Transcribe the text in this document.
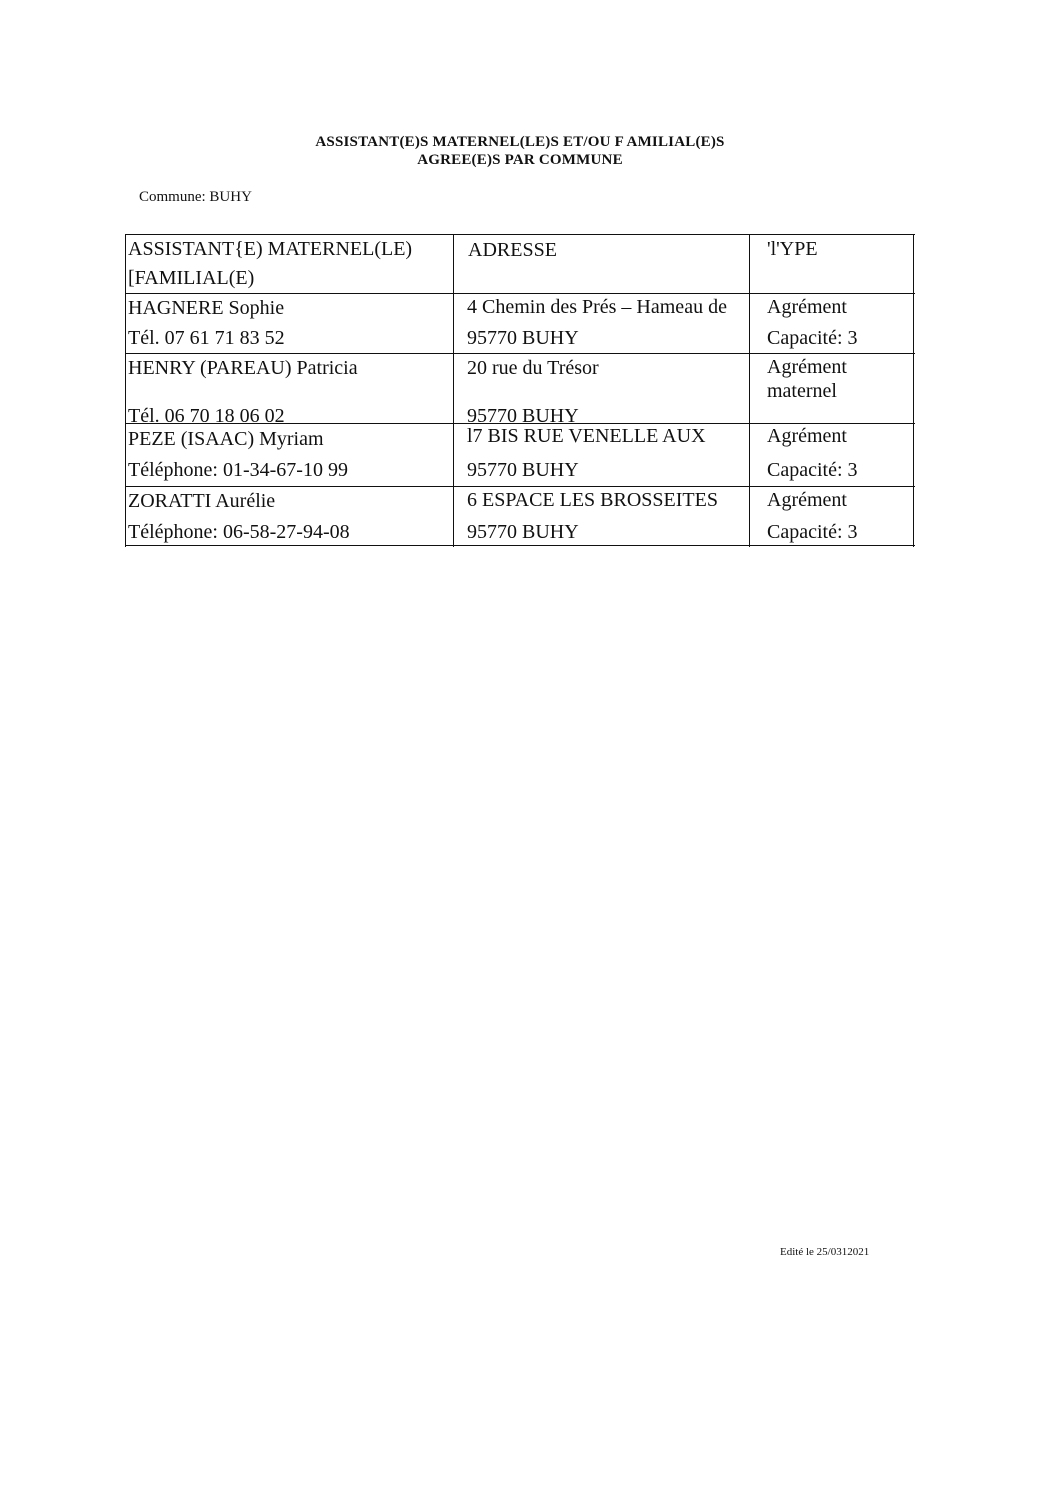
ASSISTANT(E)S MATERNEL(LE)S ET/OU F AMILIAL(E)S
AGREE(E)S PAR COMMUNE
Commune: BUHY
ASSISTANT{E) MATERNEL(LE)
[FAMILIAL(E)
ADRESSE	'l'YPE
HAGNERE Sophie
Tél. 07 61 71 83 52
4 Chemin des Prés – Hameau de
95770 BUHY
Agrément
Capacité: 3
HENRY (PAREAU) Patricia
Tél. 06 70 18 06 02
20 rue du Trésor
95770 BUHY
Agrément
maternel
PEZE (ISAAC) Myriam
Téléphone: 01-34-67-10 99
l7 BIS RUE VENELLE AUX
95770 BUHY
Agrément
Capacité: 3
ZORATTI Aurélie
Téléphone: 06-58-27-94-08
6 ESPACE LES BROSSEITES
95770 BUHY
Agrément
Capacité: 3
Edité le 25/0312021
